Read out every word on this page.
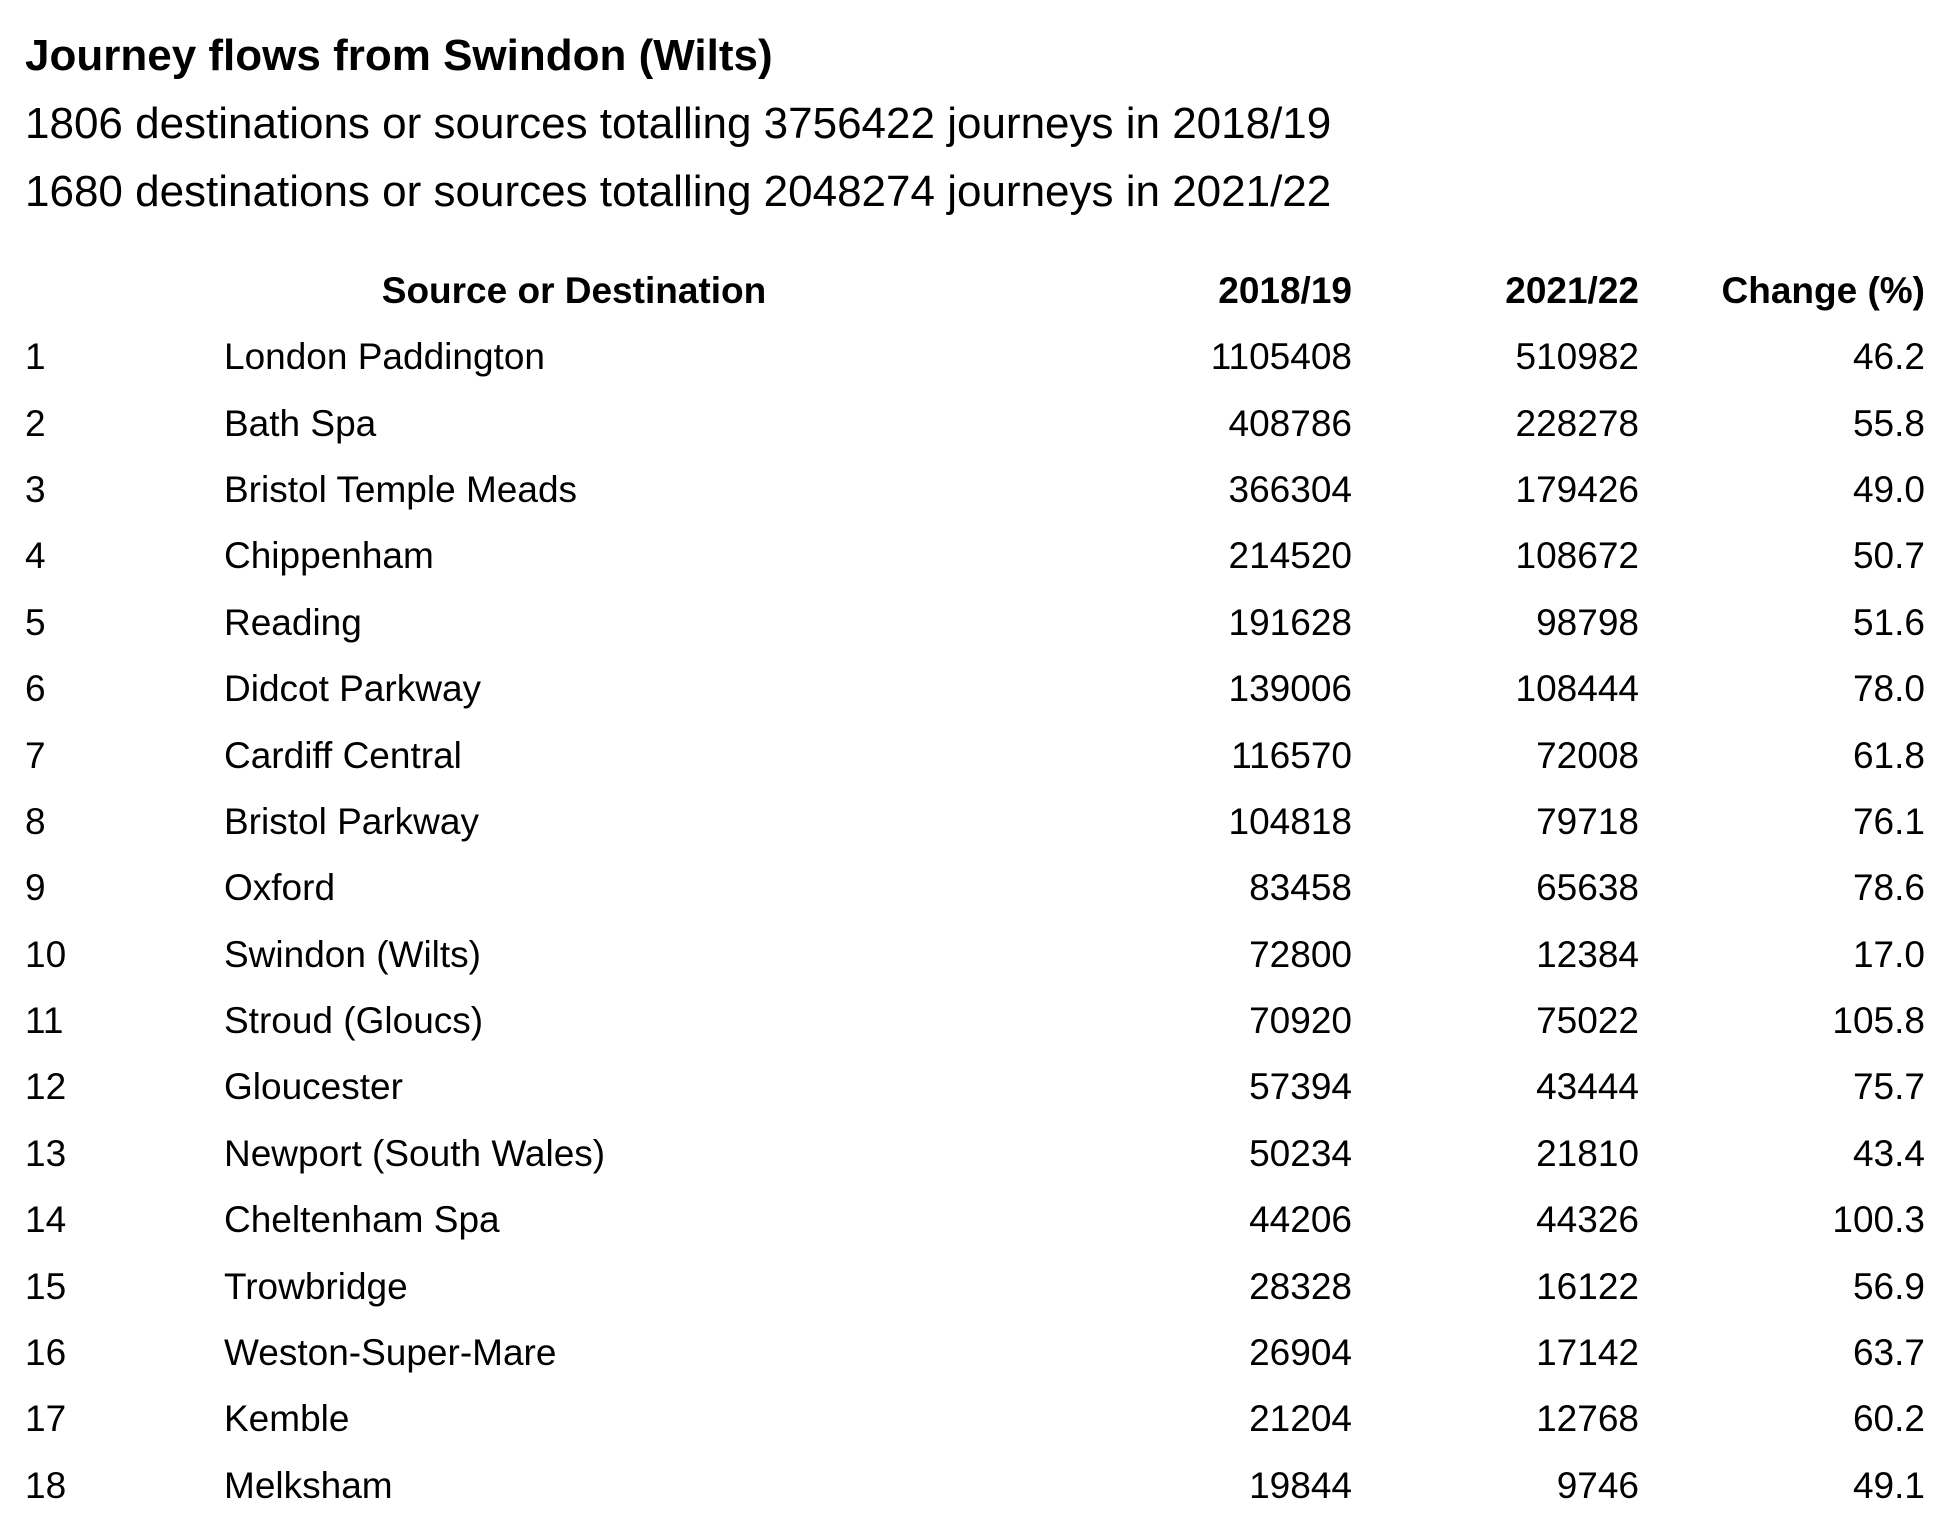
Journey flows from Swindon (Wilts)
1806 destinations or sources totalling 3756422 journeys in 2018/19
1680 destinations or sources totalling 2048274 journeys in 2021/22
	Source or Destination	2018/19	2021/22	Change (%)
1	London Paddington	1105408	510982	46.2
2	Bath Spa	408786	228278	55.8
3	Bristol Temple Meads	366304	179426	49.0
4	Chippenham	214520	108672	50.7
5	Reading	191628	98798	51.6
6	Didcot Parkway	139006	108444	78.0
7	Cardiff Central	116570	72008	61.8
8	Bristol Parkway	104818	79718	76.1
9	Oxford	83458	65638	78.6
10	Swindon (Wilts)	72800	12384	17.0
11	Stroud (Gloucs)	70920	75022	105.8
12	Gloucester	57394	43444	75.7
13	Newport (South Wales)	50234	21810	43.4
14	Cheltenham Spa	44206	44326	100.3
15	Trowbridge	28328	16122	56.9
16	Weston-Super-Mare	26904	17142	63.7
17	Kemble	21204	12768	60.2
18	Melksham	19844	9746	49.1
